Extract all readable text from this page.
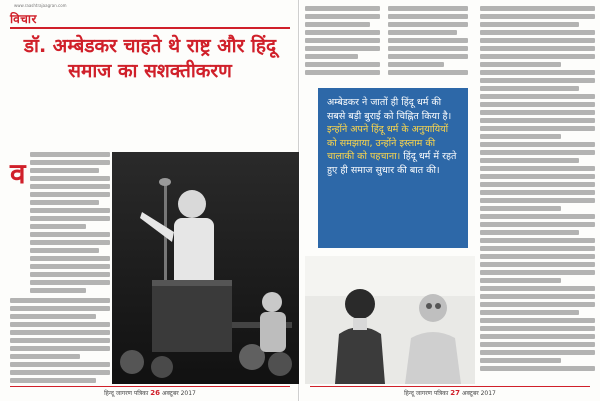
www.raashtrajaagran.com
विचार
डॉ. अम्बेडकर चाहते थे राष्ट्र और हिंदू समाज का सशक्तीकरण
व
हिन्दू जागरण पत्रिका 26 अक्टूबर 2017	हिन्दू जागरण पत्रिका 27 अक्टूबर 2017
अम्बेडकर ने जातों ही हिंदू धर्म की सबसे बड़ी बुराई को चिह्नित किया है। इन्होंने अपने हिंदू धर्म के अनुयायियों को समझाया, उन्होंने इस्लाम की चालाकी को पहचाना। हिंदू धर्म में रहते हुए ही समाज सुधार की बात की।
